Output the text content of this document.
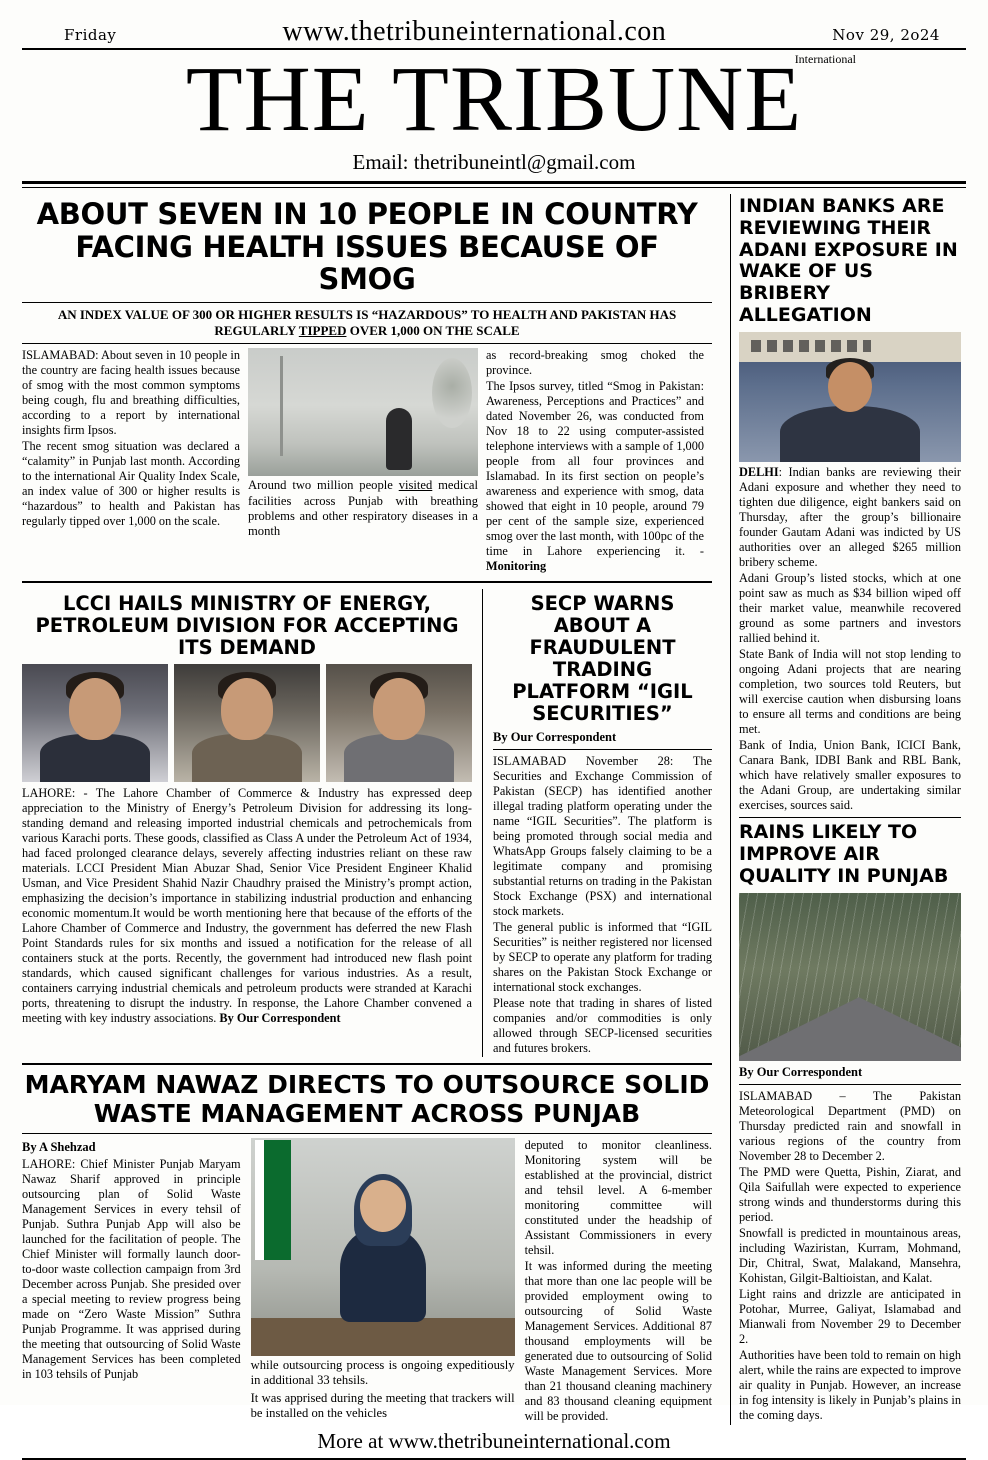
Friday	www.thetribuneinternational.con	Nov 29, 2o24
International
THE TRIBUNE
Email: thetribuneintl@gmail.com
ABOUT SEVEN IN 10 PEOPLE IN COUNTRY FACING HEALTH ISSUES BECAUSE OF SMOG
AN INDEX VALUE OF 300 OR HIGHER RESULTS IS “HAZARDOUS” TO HEALTH AND PAKISTAN HAS REGULARLY TIPPED OVER 1,000 ON THE SCALE

ISLAMABAD: About seven in 10 people in the country are facing health issues because of smog with the most common symptoms being cough, flu and breathing difficulties, according to a report by international insights firm Ipsos.

The recent smog situation was declared a “calamity” in Punjab last month. According to the international Air Quality Index Scale, an index value of 300 or higher results is “hazardous” to health and Pakistan has regularly tipped over 1,000 on the scale.

Around two million people visited medical facilities across Punjab with breathing problems and other respiratory diseases in a month

as record-breaking smog choked the province.

The Ipsos survey, titled “Smog in Pakistan: Awareness, Perceptions and Practices” and dated November 26, was conducted from Nov 18 to 22 using computer-assisted telephone interviews with a sample of 1,000 people from all four provinces and Islamabad. In its first section on people’s awareness and experience with smog, data showed that eight in 10 people, around 79 per cent of the sample size, experienced smog over the last month, with 100pc of the time in Lahore experiencing it. - Monitoring

LCCI HAILS MINISTRY OF ENERGY, PETROLEUM DIVISION FOR ACCEPTING ITS DEMAND
LAHORE: - The Lahore Chamber of Commerce & Industry has expressed deep appreciation to the Ministry of Energy’s Petroleum Division for addressing its long-standing demand and releasing imported industrial chemicals and petrochemicals from various Karachi ports. These goods, classified as Class A under the Petroleum Act of 1934, had faced prolonged clearance delays, severely affecting industries reliant on these raw materials. LCCI President Mian Abuzar Shad, Senior Vice President Engineer Khalid Usman, and Vice President Shahid Nazir Chaudhry praised the Ministry’s prompt action, emphasizing the decision’s importance in stabilizing industrial production and enhancing economic momentum.It would be worth mentioning here that because of the efforts of the Lahore Chamber of Commerce and Industry, the government has deferred the new Flash Point Standards rules for six months and issued a notification for the release of all containers stuck at the ports. Recently, the government had introduced new flash point standards, which caused significant challenges for various industries. As a result, containers carrying industrial chemicals and petroleum products were stranded at Karachi ports, threatening to disrupt the industry. In response, the Lahore Chamber convened a meeting with key industry associations. By Our Correspondent
SECP WARNS ABOUT A FRAUDULENT TRADING PLATFORM “IGIL SECURITIES”
By Our Correspondent

ISLAMABAD November 28: The Securities and Exchange Commission of Pakistan (SECP) has identified another illegal trading platform operating under the name “IGIL Securities”. The platform is being promoted through social media and WhatsApp Groups falsely claiming to be a legitimate company and promising substantial returns on trading in the Pakistan Stock Exchange (PSX) and international stock markets.

The general public is informed that “IGIL Securities” is neither registered nor licensed by SECP to operate any platform for trading shares on the Pakistan Stock Exchange or international stock exchanges.

Please note that trading in shares of listed companies and/or commodities is only allowed through SECP-licensed securities and futures brokers.

MARYAM NAWAZ DIRECTS TO OUTSOURCE SOLID WASTE MANAGEMENT ACROSS PUNJAB
By A Shehzad
LAHORE: Chief Minister Punjab Maryam Nawaz Sharif approved in principle outsourcing plan of Solid Waste Management Services in every tehsil of Punjab. Suthra Punjab App will also be launched for the facilitation of people. The Chief Minister will formally launch door-to-door waste collection campaign from 3rd December across Punjab. She presided over a special meeting to review progress being made on “Zero Waste Mission” Suthra Punjab Programme. It was apprised during the meeting that outsourcing of Solid Waste Management Services has been completed in 103 tehsils of Punjab
while outsourcing process is ongoing expeditiously in additional 33 tehsils.
It was apprised during the meeting that trackers will be installed on the vehicles

deputed to monitor cleanliness. Monitoring system will be established at the provincial, district and tehsil level. A 6-member monitoring committee will constituted under the headship of Assistant Commissioners in every tehsil.

It was informed during the meeting that more than one lac people will be provided employment owing to outsourcing of Solid Waste Management Services. Additional 87 thousand employments will be generated due to outsourcing of Solid Waste Management Services. More than 21 thousand cleaning machinery and 83 thousand cleaning equipment will be provided.

INDIAN BANKS ARE REVIEWING THEIR ADANI EXPOSURE IN WAKE OF US BRIBERY ALLEGATION

DELHI: Indian banks are reviewing their Adani exposure and whether they need to tighten due diligence, eight bankers said on Thursday, after the group’s billionaire founder Gautam Adani was indicted by US authorities over an alleged $265 million bribery scheme.

Adani Group’s listed stocks, which at one point saw as much as $34 billion wiped off their market value, meanwhile recovered ground as some partners and investors rallied behind it.

State Bank of India will not stop lending to ongoing Adani projects that are nearing completion, two sources told Reuters, but will exercise caution when disbursing loans to ensure all terms and conditions are being met.

Bank of India, Union Bank, ICICI Bank, Canara Bank, IDBI Bank and RBL Bank, which have relatively smaller exposures to the Adani Group, are undertaking similar exercises, sources said.

RAINS LIKELY TO IMPROVE AIR QUALITY IN PUNJAB
By Our Correspondent

ISLAMABAD – The Pakistan Meteorological Department (PMD) on Thursday predicted rain and snowfall in various regions of the country from November 28 to December 2.

The PMD were Quetta, Pishin, Ziarat, and Qila Saifullah were expected to experience strong winds and thunderstorms during this period.

Snowfall is predicted in mountainous areas, including Waziristan, Kurram, Mohmand, Dir, Chitral, Swat, Malakand, Mansehra, Kohistan, Gilgit-Baltioistan, and Kalat.

Light rains and drizzle are anticipated in Potohar, Murree, Galiyat, Islamabad and Mianwali from November 29 to December 2.

Authorities have been told to remain on high alert, while the rains are expected to improve air quality in Punjab. However, an increase in fog intensity is likely in Punjab’s plains in the coming days.

More at www.thetribuneinternational.com
